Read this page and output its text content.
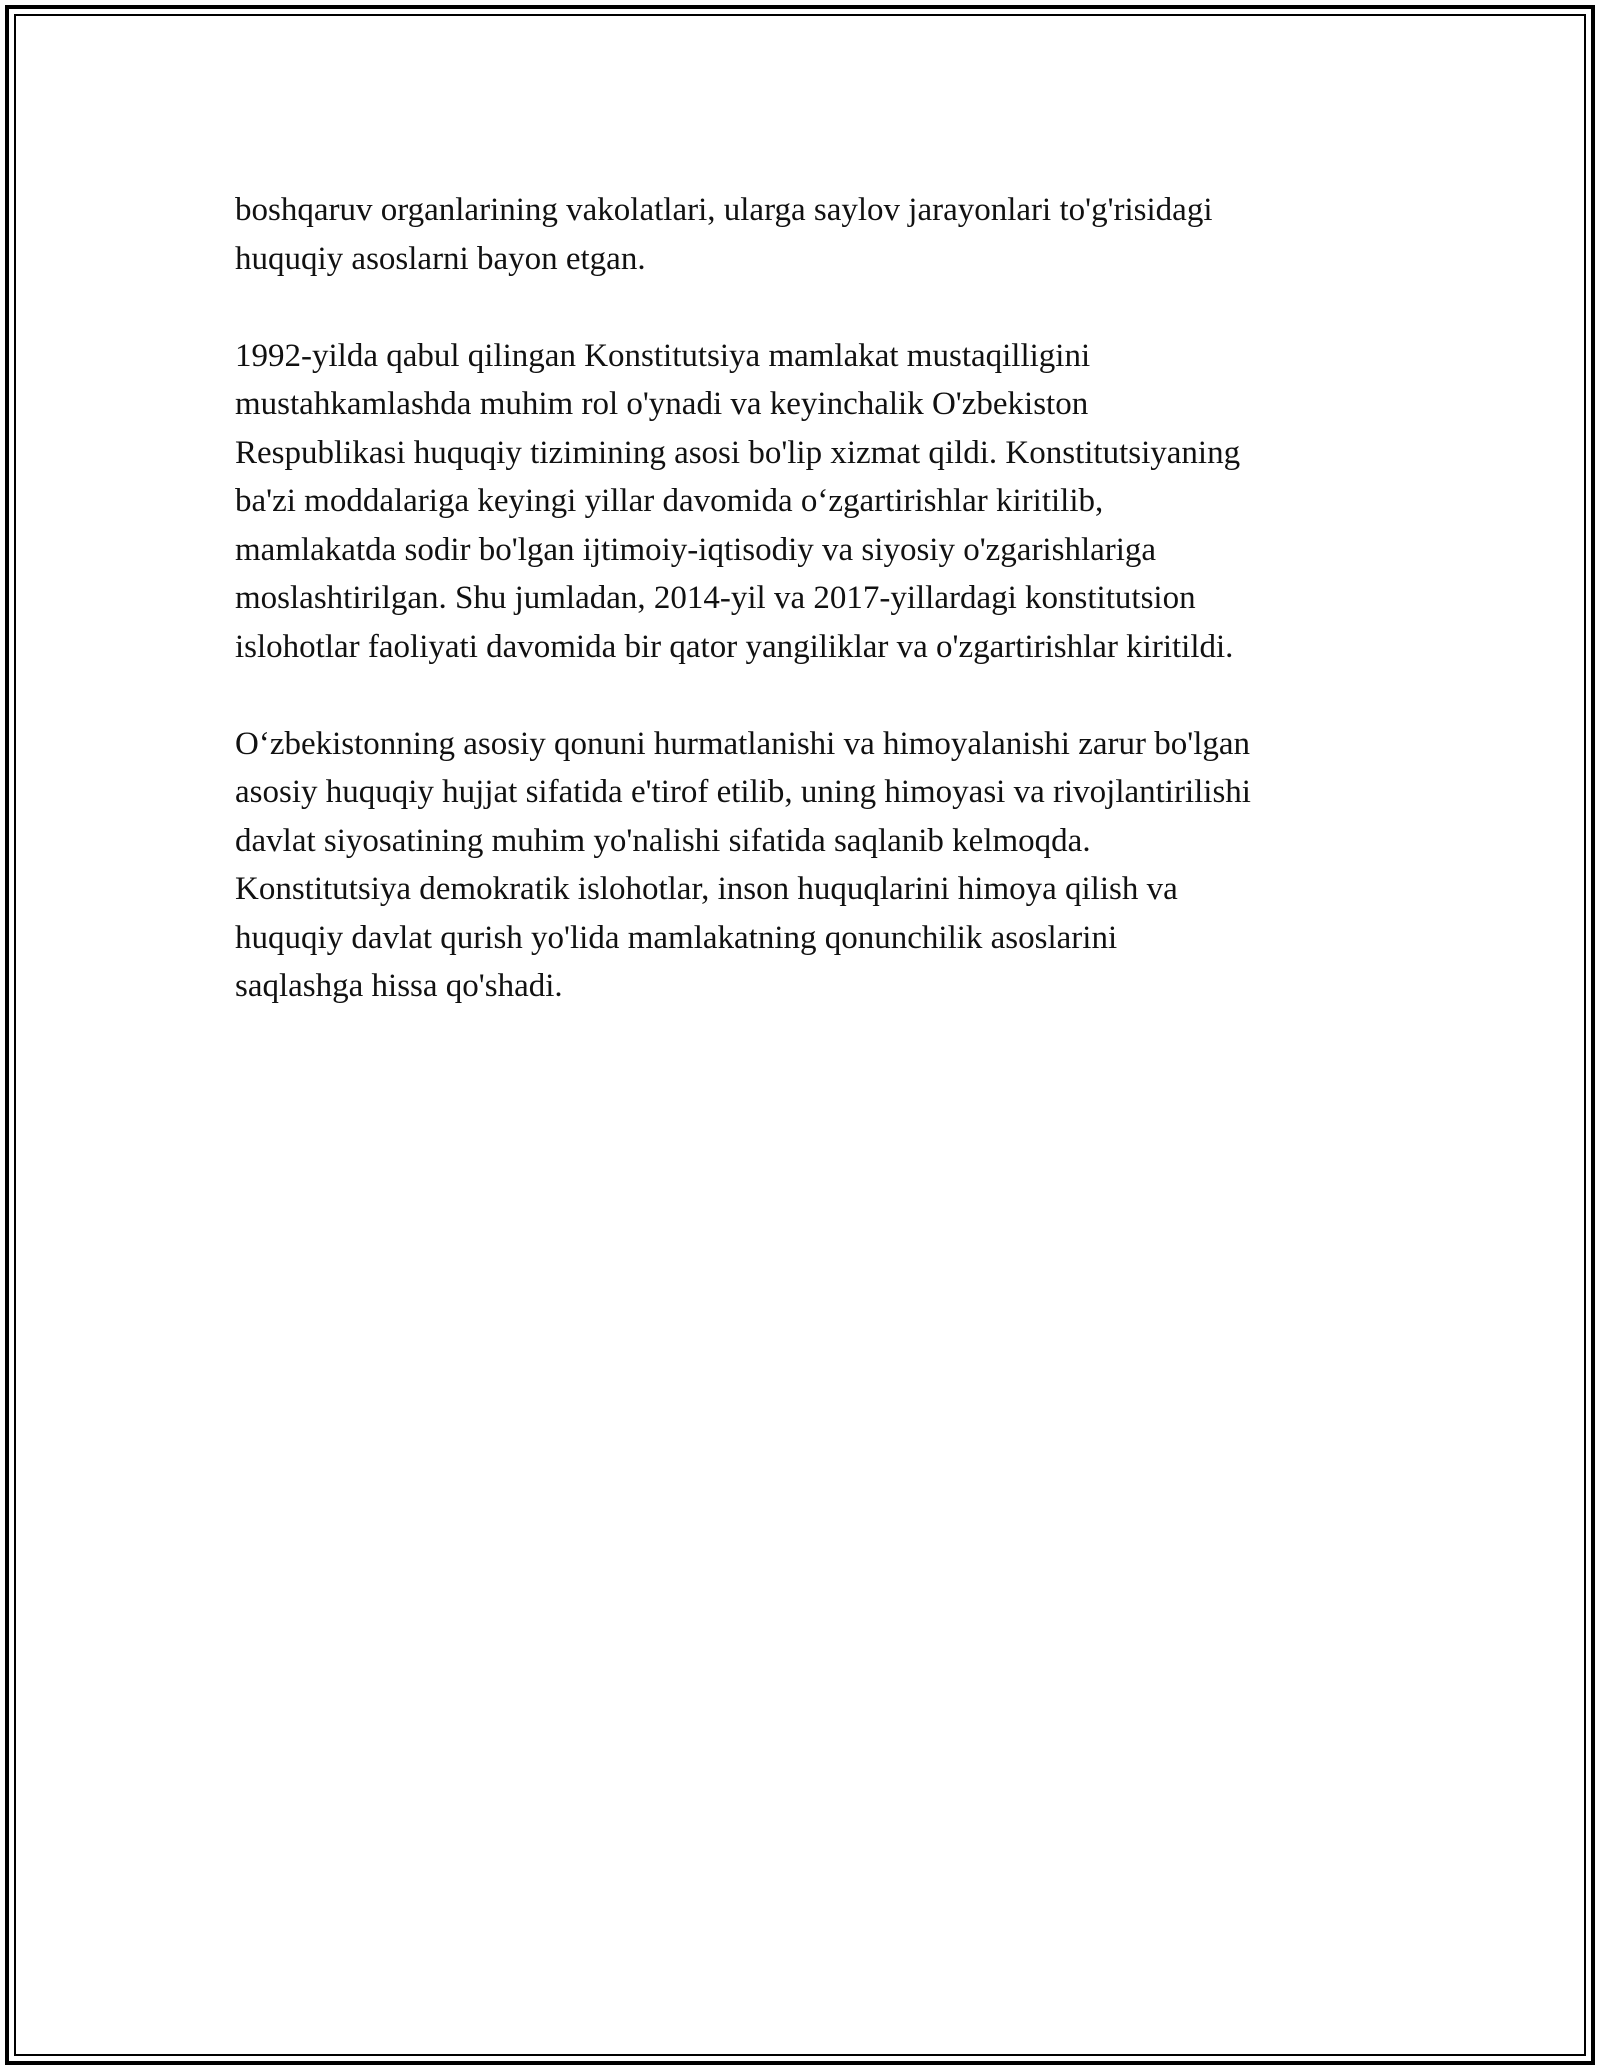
boshqaruv organlarining vakolatlari, ularga saylov jarayonlari to'g'risidagi
huquqiy asoslarni bayon etgan.

1992-yilda qabul qilingan Konstitutsiya mamlakat mustaqilligini
mustahkamlashda muhim rol o'ynadi va keyinchalik O'zbekiston
Respublikasi huquqiy tizimining asosi bo'lip xizmat qildi. Konstitutsiyaning
ba'zi moddalariga keyingi yillar davomida o‘zgartirishlar kiritilib,
mamlakatda sodir bo'lgan ijtimoiy-iqtisodiy va siyosiy o'zgarishlariga
moslashtirilgan. Shu jumladan, 2014-yil va 2017-yillardagi konstitutsion
islohotlar faoliyati davomida bir qator yangiliklar va o'zgartirishlar kiritildi.

O‘zbekistonning asosiy qonuni hurmatlanishi va himoyalanishi zarur bo'lgan
asosiy huquqiy hujjat sifatida e'tirof etilib, uning himoyasi va rivojlantirilishi
davlat siyosatining muhim yo'nalishi sifatida saqlanib kelmoqda.
Konstitutsiya demokratik islohotlar, inson huquqlarini himoya qilish va
huquqiy davlat qurish yo'lida mamlakatning qonunchilik asoslarini
saqlashga hissa qo'shadi.
